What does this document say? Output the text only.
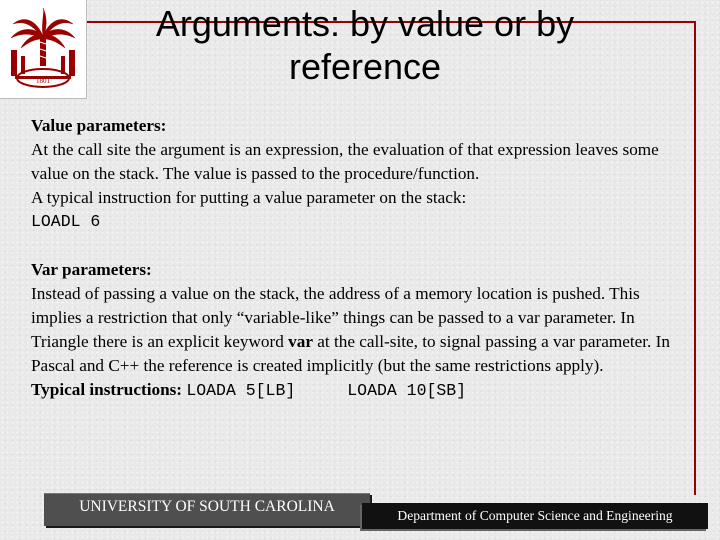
1801
Arguments: by value or by reference

Value parameters:

At the call site the argument is an expression, the evaluation of that expression leaves some value on the stack. The value is passed to the procedure/function.

A typical instruction for putting a value parameter on the stack:

LOADL 6

Var parameters:

Instead of passing a value on the stack, the address of a memory location is pushed. This implies a restriction that only “variable-like” things can be passed to a var parameter. In Triangle there is an explicit keyword var at the call-site, to signal passing a var parameter. In Pascal and C++ the reference is created implicitly (but the same restrictions apply).

Typical instructions: LOADA 5[LB]	LOADA 10[SB]

UNIVERSITY OF SOUTH CAROLINA
Department of Computer Science and Engineering
